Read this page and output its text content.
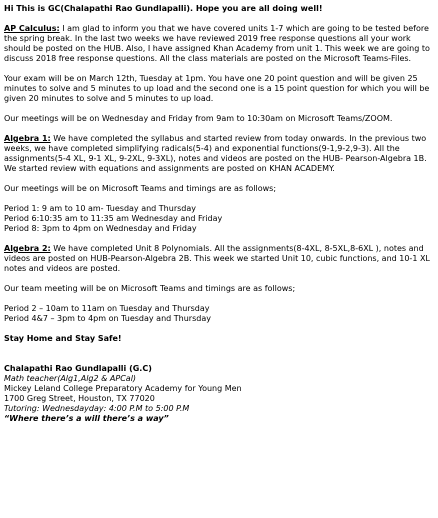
Hi This is GC(Chalapathi Rao Gundlapalli). Hope you are all doing well!

AP Calculus: I am glad to inform you that we have covered units 1-7 which are going to be tested before the spring break. In the last two weeks we have reviewed 2019 free response questions all your work should be posted on the HUB. Also, I have assigned Khan Academy from unit 1. This week we are going to discuss 2018 free response questions. All the class materials are posted on the Microsoft Teams-Files.

Your exam will be on March 12th, Tuesday at 1pm. You have one 20 point question and will be given 25 minutes to solve and 5 minutes to up load and the second one is a 15 point question for which you will be given 20 minutes to solve and 5 minutes to up load.

Our meetings will be on Wednesday and Friday from 9am to 10:30am on Microsoft Teams/ZOOM.

Algebra 1: We have completed the syllabus and started review from today onwards. In the previous two weeks, we have completed simplifying radicals(5-4) and exponential functions(9-1,9-2,9-3). All the assignments(5-4 XL, 9-1 XL, 9-2XL, 9-3XL), notes and videos are posted on the HUB- Pearson-Algebra 1B. We started review with equations and assignments are posted on KHAN ACADEMY.

Our meetings will be on Microsoft Teams and timings are as follows;

Period 1: 9 am to 10 am- Tuesday and Thursday

Period 6:10:35 am to 11:35 am Wednesday and Friday

Period 8: 3pm to 4pm on Wednesday and Friday

Algebra 2: We have completed Unit 8 Polynomials. All the assignments(8-4XL, 8-5XL,8-6XL ), notes and videos are posted on HUB-Pearson-Algebra 2B. This week we started Unit 10, cubic functions, and 10-1 XL notes and videos are posted.

Our team meeting will be on Microsoft Teams and timings are as follows;

Period 2 – 10am to 11am on Tuesday and Thursday

Period 4&7 – 3pm to 4pm on Tuesday and Thursday

Stay Home and Stay Safe!

Chalapathi Rao Gundlapalli (G.C)

Math teacher(Alg1,Alg2 & APCal)

Mickey Leland College Preparatory Academy for Young Men

1700 Greg Street, Houston, TX 77020

Tutoring: Wednesdayday: 4:00 P.M to 5:00 P.M

“Where there’s a will there’s a way”
